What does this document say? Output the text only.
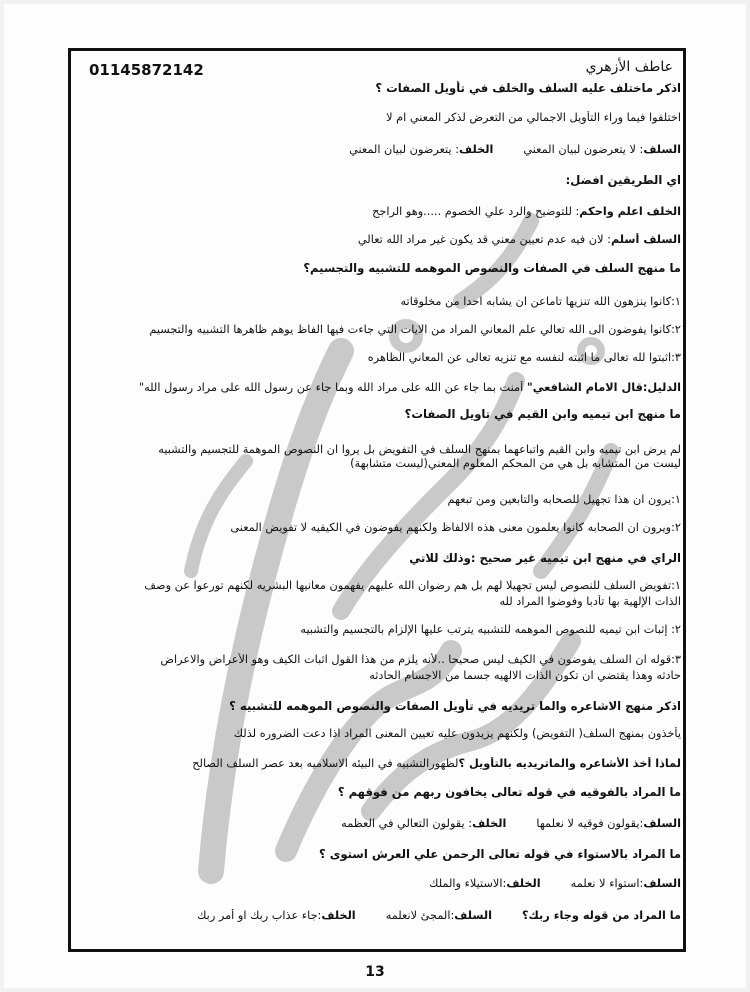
عاطف الأزهري
01145872142
اذكر ماختلف عليه السلف والخلف في تأويل الصفات ؟
اختلفوا فيما وراء التأويل الاجمالي من التعرض لذكر المعني ام لا
السلف: لا يتعرضون لبيان المعنيالخلف: يتعرضون لبيان المعني
اي الطريقين افضل:
الخلف اعلم واحكم: للتوضيح والرد علي الخصوم .....وهو الراجح
السلف أسلم: لان فيه عدم تعيين معني قد يكون غير مراد الله تعالي
ما منهج السلف في الصفات والنصوص الموهمه للتشبيه والتجسيم؟
١:كانوا ينزهون الله تنزيها تاماعن ان يشابه احدا من مخلوقاته
٢:كانوا يفوضون الى الله تعالي علم المعاني المراد من الايات التي جاءت فيها الفاظ يوهم ظاهرها التشبيه والتجسيم
٣:اثبتوا لله تعالى ما اثبته لنفسه مع تنزيه تعالى عن المعاني الظاهره
الدليل:قال الامام الشافعي" أمنت بما جاء عن الله على مراد الله وبما جاء عن رسول الله على مراد رسول الله"
ما منهج ابن تيميه وابن القيم في تاويل الصفات؟
لم يرض ابن تيميه وابن القيم واتباعهما بمنهج السلف في التفويض بل يروا ان النصوص الموهمة للتجسيم والتشبيه
ليست من المتشابه بل هي من المحكم المعلوم المعني(ليست متشابهة)
١:يرون ان هذا تجهيل للصحابه والتابعين ومن تبعهم
٢:ويرون ان الصحابه كانوا يعلمون معنى هذه الالفاظ ولكنهم يفوضون في الكيفيه لا تفويض المعنى
الراي في منهج ابن تيميه غير صحيح :وذلك للاتي
١:تفويض السلف للنصوص ليس تجهيلا لهم بل هم رضوان الله عليهم يفهمون معانيها البشريه لكنهم تورعوا عن وصف
الذات الإلهية بها تأدبا وفوضوا المراد لله
٢: إثبات ابن تيميه للنصوص الموهمه للتشبيه يترتب عليها الإلزام بالتجسيم والتشبيه
٣:قوله ان السلف يفوضون في الكيف ليس صحيحا ..لأنه يلزم من هذا القول اثبات الكيف وهو الأعراض والاعراض
حادثه وهذا يقتضي ان تكون الذات الالهيه جسما من الاجسام الحادثه
اذكر منهج الاشاعره والما تريديه في تأويل الصفات والنصوص الموهمه للتشبيه ؟
يأخذون بمنهج السلف( التفويض) ولكنهم يزيدون عليه تعيين المعنى المراد اذا دعت الضروره لذلك
لماذا أخذ الأشاعره والماتريديه بالتأويل ؟لظهورالتشبيه في البيئه الاسلاميه بعد عصر السلف الصالح
ما المراد بالفوقيه في قوله تعالى يخافون ربهم من فوقهم ؟
السلف:يقولون فوقيه لا نعلمهاالخلف: يقولون التعالي في العظمه
ما المراد بالاستواء في قوله تعالى الرحمن علي العرش استوى ؟
السلف:استواء لا نعلمهالخلف:الاستيلاء والملك
ما المراد من قوله وجاء ربك؟السلف:المجئ لانعلمهالخلف:جاء عذاب ربك او أمر ربك
13
